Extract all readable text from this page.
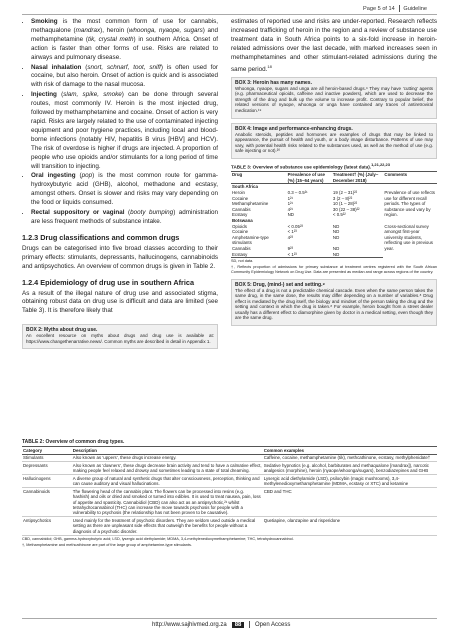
Page 5 of 14 Guideline
• Smoking is the most common form of use for cannabis, methaqualone (mandrax), heroin (whoonga, nyaope, sugars) and methamphetamine (tik, crystal meth) in southern Africa. Onset of action is faster than other forms of use. Risks are related to airways and pulmonary disease.
• Nasal inhalation (snort, schnarf, toot, sniff) is often used for cocaine, but also heroin. Onset of action is quick and is associated with risk of damage to the nasal mucosa.
• Injecting (slam, spike, smoke) can be done through several routes, most commonly IV. Heroin is the most injected drug, followed by methamphetamine and cocaine. Onset of action is very rapid. Risks are largely related to the use of contaminated injecting equipment and poor hygiene practices, including local and blood-borne infections (notably HIV, hepatitis B virus [HBV] and HCV). The risk of overdose is higher if drugs are injected. A proportion of people who use opioids and/or stimulants for a long period of time will transition to injecting.
• Oral ingesting (pop) is the most common route for gamma-hydroxybutyric acid (GHB), alcohol, methadone and ecstasy, amongst others. Onset is slower and risks may vary depending on the food or liquids consumed.
• Rectal suppository or vaginal (booty bumping) administration are less frequent methods of substance intake.
1.2.3 Drug classifications and common drugs

Drugs can be categorised into five broad classes according to their primary effects: stimulants, depressants, hallucinogens, cannabinoids and antipsychotics. An overview of common drugs is given in Table 2.

1.2.4 Epidemiology of drug use in southern Africa

As a result of the illegal nature of drug use and associated stigma, obtaining robust data on drug use is difficult and data are limited (see Table 3). It is therefore likely that

BOX 2: Myths about drug use.

An excellent resource on myths about drugs and drug use is available at: https://www.changethenarrative.news/. Common myths are described in detail in Appendix 1.

estimates of reported use and risks are under-reported. Research reflects increased trafficking of heroin in the region and a review of substance use treatment data in South Africa points to a six-fold increase in heroin-related admissions over the last decade, with marked increases seen in methamphetamines and other stimulant-related admissions during the same period.$^{18}$

BOX 3: Heroin has many names.

Whoonga, nyaope, sugars and unga are all heroin-based drugs.⁹ They may have ‘cutting’ agents (e.g. pharmaceutical opioids, caffeine and inactive powders), which are used to decrease the strength of the drug and bulk up the volume to increase profit. Contrary to popular belief, the related versions of nyaope, whoonga or unga have contained any traces of antiretroviral medication.¹⁹

BOX 4: Image and performance-enhancing drugs.

Anabolic steroids, peptides and hormones are examples of drugs that may be linked to appearance, the pursuit of health and youth, or a body image disturbance. Patterns of use may vary, with potential health risks related to the substances used, as well as the method of use (e.g. safe injecting or not).²⁰

TABLE 3: Overview of substance use epidemiology (latest data).1,21,22,23
Drug	Prevalence of use (%) (15–64 years)	Treatment† (%) (July–December 2018)	Comments
South Africa			
Heroin	0.3 – 0.5²¹	19 (2 – 31)²²	Prevalence of use reflects use for different recall periods. The types of substance used vary by region.
Cocaine	1²¹	3 (2 – 8)²²	
Methamphetamine	1²¹	10 (1 – 28)²²	
Cannabis	4²¹	30 (22 – 38)²²	
Ecstasy	ND	< 0.5²²	
Botswana			
Opioids	< 0.05²³	ND	Cross-sectional survey amongst first-year university students, reflecting use in previous year.
Cocaine	< 1²³	ND	
Amphetamine-type stimulants	4²³	ND	
Cannabis	9²³	ND	
Ecstasy	< 1²³	ND	
SD, not data.
†, Reflects proportion of admissions for primary substance at treatment centres registered with the South African Community Epidemiology Network on Drug Use. Data are presented as median and range across regions of the country.

BOX 5: Drug, (mind-) set and setting.⁸

The effect of a drug is not a predictable chemical cascade. Even when the same person takes the same drug, in the same dose, the results may differ depending on a number of variables.⁸ Drug effect is mediated by the drug itself, the biology and mindset of the person taking the drug and the setting and context in which the drug is taken.⁸ For example, heroin bought from a street dealer usually has a different effect to diamorphine given by doctor in a medical setting, even though they are the same drug.

TABLE 2: Overview of common drug types.
Category	Description	Common examples
Stimulants	Also known as ‘uppers’, these drugs increase energy.	Caffeine, cocaine, methamphetamine (tik), methcathinone, ecstasy, methylphenidate†
Depressants	Also known as ‘downers’, these drugs decrease brain activity and tend to have a calmative effect, making people feel relaxed and drowsy and sometimes leading to a state of total dreaming.	Sedative hypnotics (e.g. alcohol, barbiturates and methaqualone [mandrax]), narcotic analgesics (morphine), heroin (nyaope/whoonga/sugars), benzodiazepines and GHB
Hallucinogens	A diverse group of natural and synthetic drugs that alter consciousness, perception, thinking and can cause auditory and visual hallucinations.	Lysergic acid diethylamide (LSD), psilocybin (magic mushrooms), 3,4-methylenedioxymethamphetamine (MDMA, ecstasy or XTC) and ketamine
Cannabinoids	The flowering head of the cannabis plant. The flowers can be processed into resins (e.g. hashish) and oils or dried and smoked or turned into edibles. It is used to treat nausea, pain, loss of appetite and spasticity. Cannabidiol (CBD) can also act as an antipsychotic,²¹ whilst tetrahydrocannabinol (THC) can increase the move towards psychosis for people with a vulnerability to psychosis (the relationship has not been proven to be causative).	CBD and THC
Antipsychotics	Used mainly for the treatment of psychotic disorders. They are seldom used outside a medical setting as there are unpleasant side effects that outweigh the benefits for people without a diagnosis of a psychotic disorder.	Quetiapine, olanzapine and risperidone
CBD, cannabidiol; GHB, gamma-hydroxybutyric acid; LSD, lysergic acid diethylamide; MDMA, 3,4-methylenedioxymethamphetamine; THC, tetrahydrocannabinol.
†, Methamphetamine and methcathinone are part of the large group of amphetamine-type stimulants.
http://www.sajhivmed.org.za	88	Open Access
